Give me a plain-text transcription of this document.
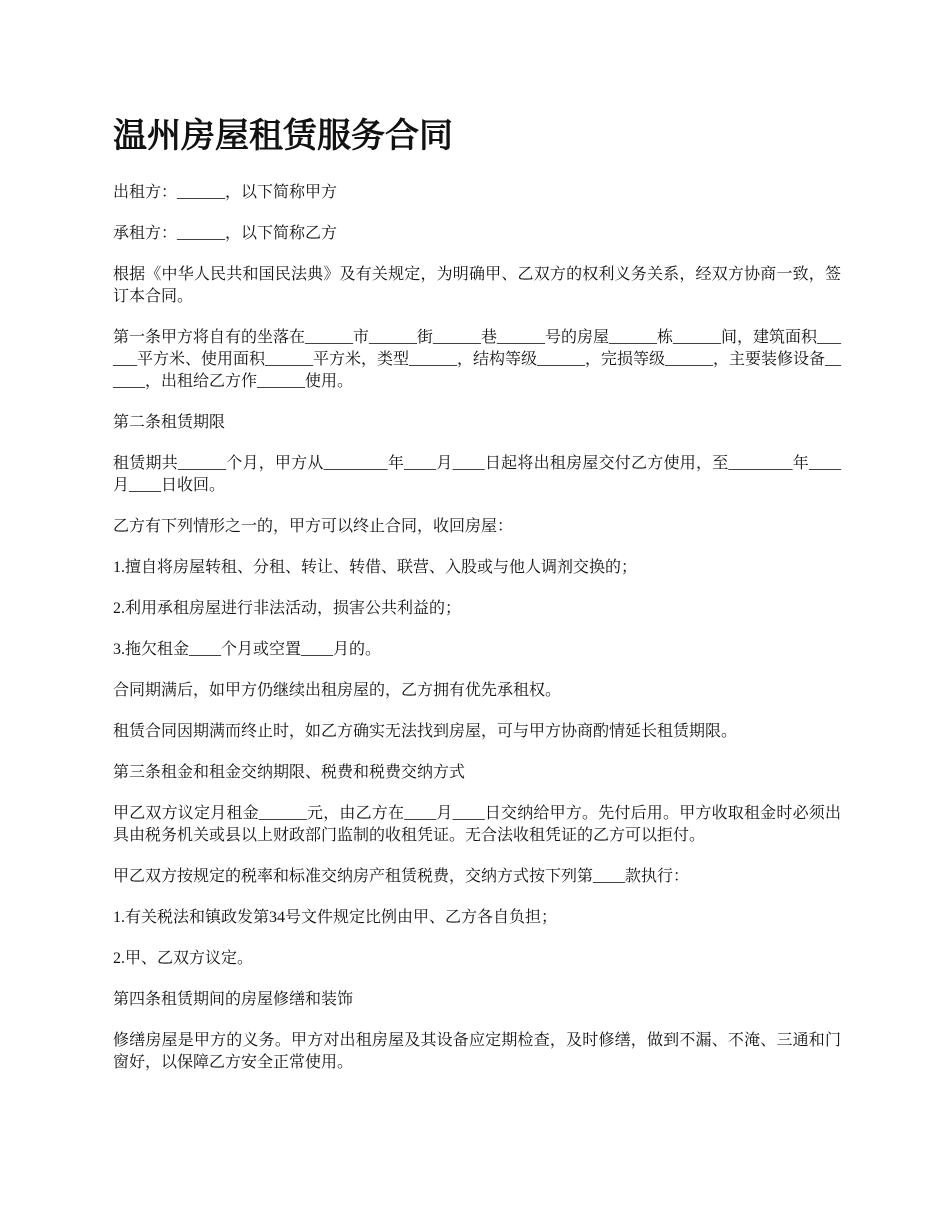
温州房屋租赁服务合同

出租方：______，以下简称甲方

承租方：______，以下简称乙方

根据《中华人民共和国民法典》及有关规定，为明确甲、乙双方的权利义务关系，经双方协商一致，签订本合同。

第一条甲方将自有的坐落在______市______街______巷______号的房屋______栋______间，建筑面积______平方米、使用面积______平方米，类型______，结构等级______，完损等级______，主要装修设备______，出租给乙方作______使用。

第二条租赁期限

租赁期共______个月，甲方从________年____月____日起将出租房屋交付乙方使用，至________年____月____日收回。

乙方有下列情形之一的，甲方可以终止合同，收回房屋：

1.擅自将房屋转租、分租、转让、转借、联营、入股或与他人调剂交换的；

2.利用承租房屋进行非法活动，损害公共利益的；

3.拖欠租金____个月或空置____月的。

合同期满后，如甲方仍继续出租房屋的，乙方拥有优先承租权。

租赁合同因期满而终止时，如乙方确实无法找到房屋，可与甲方协商酌情延长租赁期限。

第三条租金和租金交纳期限、税费和税费交纳方式

甲乙双方议定月租金______元，由乙方在____月____日交纳给甲方。先付后用。甲方收取租金时必须出具由税务机关或县以上财政部门监制的收租凭证。无合法收租凭证的乙方可以拒付。

甲乙双方按规定的税率和标准交纳房产租赁税费，交纳方式按下列第____款执行：

1.有关税法和镇政发第34号文件规定比例由甲、乙方各自负担；

2.甲、乙双方议定。

第四条租赁期间的房屋修缮和装饰

修缮房屋是甲方的义务。甲方对出租房屋及其设备应定期检查，及时修缮，做到不漏、不淹、三通和门窗好，以保障乙方安全正常使用。
